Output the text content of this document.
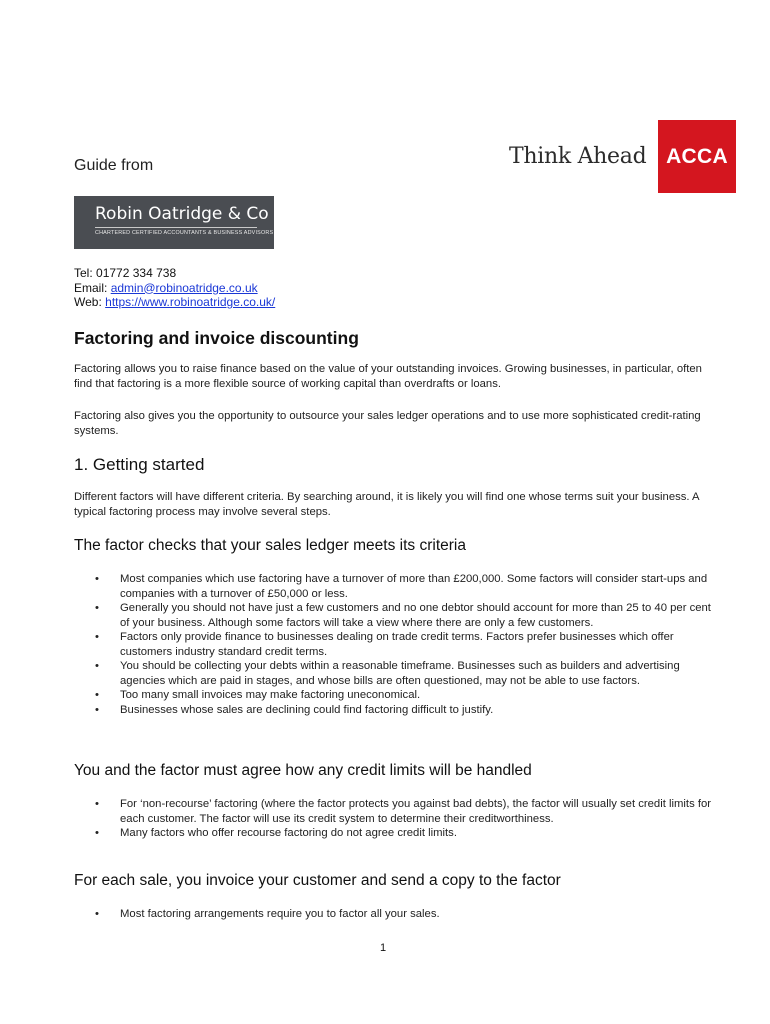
Guide from	Think Ahead ACCA
Robin Oatridge & Co
CHARTERED CERTIFIED ACCOUNTANTS & BUSINESS ADVISORS
Tel: 01772 334 738
Email: admin@robinoatridge.co.uk
Web: https://www.robinoatridge.co.uk/
Factoring and invoice discounting
Factoring allows you to raise finance based on the value of your outstanding invoices. Growing businesses, in particular, often find that factoring is a more flexible source of working capital than overdrafts or loans.
Factoring also gives you the opportunity to outsource your sales ledger operations and to use more sophisticated credit-rating systems.
1. Getting started
Different factors will have different criteria. By searching around, it is likely you will find one whose terms suit your business. A typical factoring process may involve several steps.
The factor checks that your sales ledger meets its criteria
• Most companies which use factoring have a turnover of more than £200,000. Some factors will consider start-ups and companies with a turnover of £50,000 or less.
• Generally you should not have just a few customers and no one debtor should account for more than 25 to 40 per cent of your business. Although some factors will take a view where there are only a few customers.
• Factors only provide finance to businesses dealing on trade credit terms. Factors prefer businesses which offer customers industry standard credit terms.
• You should be collecting your debts within a reasonable timeframe. Businesses such as builders and advertising agencies which are paid in stages, and whose bills are often questioned, may not be able to use factors.
• Too many small invoices may make factoring uneconomical.
• Businesses whose sales are declining could find factoring difficult to justify.
You and the factor must agree how any credit limits will be handled
• For ‘non-recourse’ factoring (where the factor protects you against bad debts), the factor will usually set credit limits for each customer. The factor will use its credit system to determine their creditworthiness.
• Many factors who offer recourse factoring do not agree credit limits.
For each sale, you invoice your customer and send a copy to the factor
• Most factoring arrangements require you to factor all your sales.
1
